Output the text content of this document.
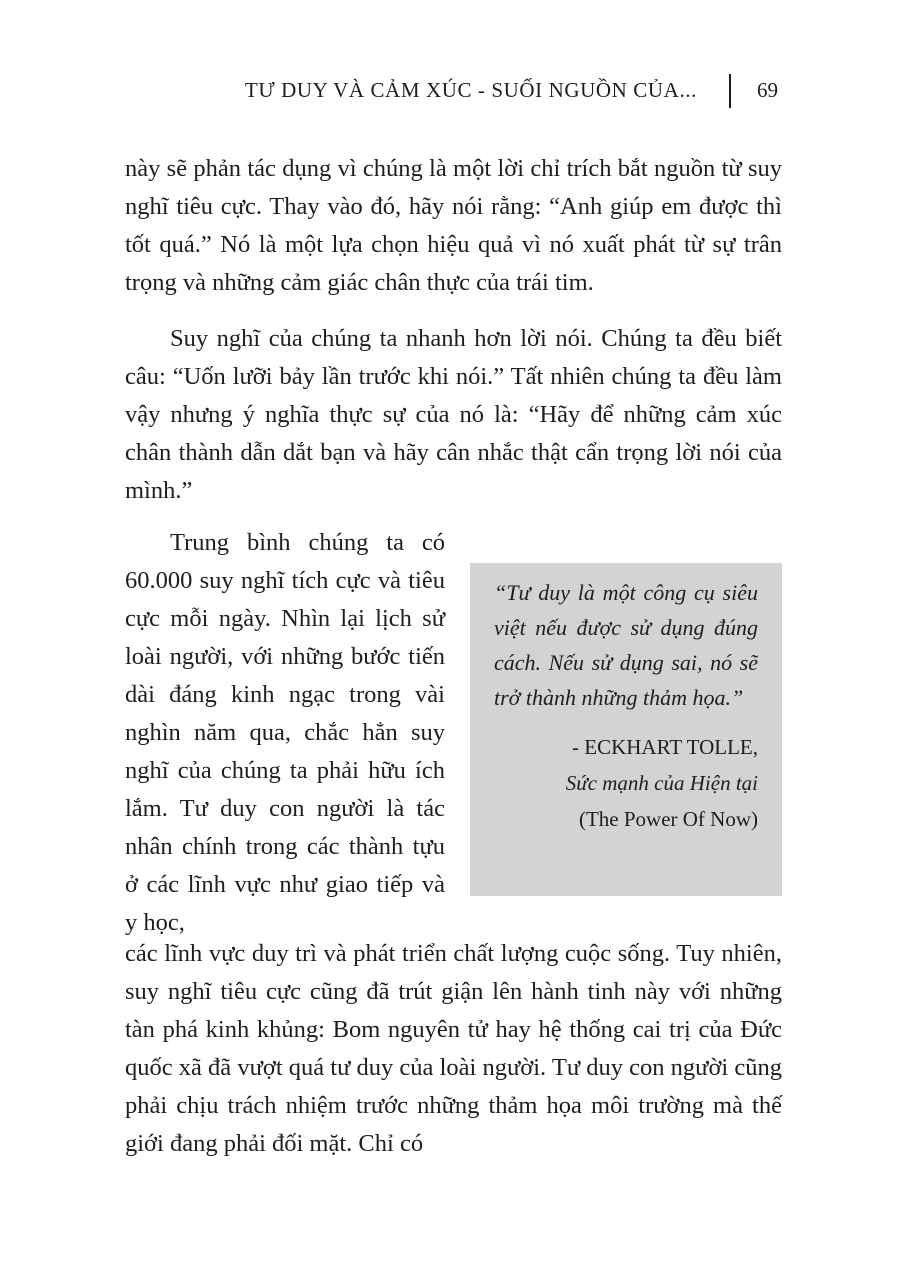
TƯ DUY VÀ CẢM XÚC - SUỐI NGUỒN CỦA...	69

này sẽ phản tác dụng vì chúng là một lời chỉ trích bắt nguồn từ suy nghĩ tiêu cực. Thay vào đó, hãy nói rằng: “Anh giúp em được thì tốt quá.” Nó là một lựa chọn hiệu quả vì nó xuất phát từ sự trân trọng và những cảm giác chân thực của trái tim.

Suy nghĩ của chúng ta nhanh hơn lời nói. Chúng ta đều biết câu: “Uốn lưỡi bảy lần trước khi nói.” Tất nhiên chúng ta đều làm vậy nhưng ý nghĩa thực sự của nó là: “Hãy để những cảm xúc chân thành dẫn dắt bạn và hãy cân nhắc thật cẩn trọng lời nói của mình.”

Trung bình chúng ta có 60.000 suy nghĩ tích cực và tiêu cực mỗi ngày. Nhìn lại lịch sử loài người, với những bước tiến dài đáng kinh ngạc trong vài nghìn năm qua, chắc hẳn suy nghĩ của chúng ta phải hữu ích lắm. Tư duy con người là tác nhân chính trong các thành tựu ở các lĩnh vực như giao tiếp và y học,

“Tư duy là một công cụ siêu việt nếu được sử dụng đúng cách. Nếu sử dụng sai, nó sẽ trở thành những thảm họa.”

- ECKHART TOLLE,
Sức mạnh của Hiện tại
(The Power Of Now)

các lĩnh vực duy trì và phát triển chất lượng cuộc sống. Tuy nhiên, suy nghĩ tiêu cực cũng đã trút giận lên hành tinh này với những tàn phá kinh khủng: Bom nguyên tử hay hệ thống cai trị của Đức quốc xã đã vượt quá tư duy của loài người. Tư duy con người cũng phải chịu trách nhiệm trước những thảm họa môi trường mà thế giới đang phải đối mặt. Chỉ có
